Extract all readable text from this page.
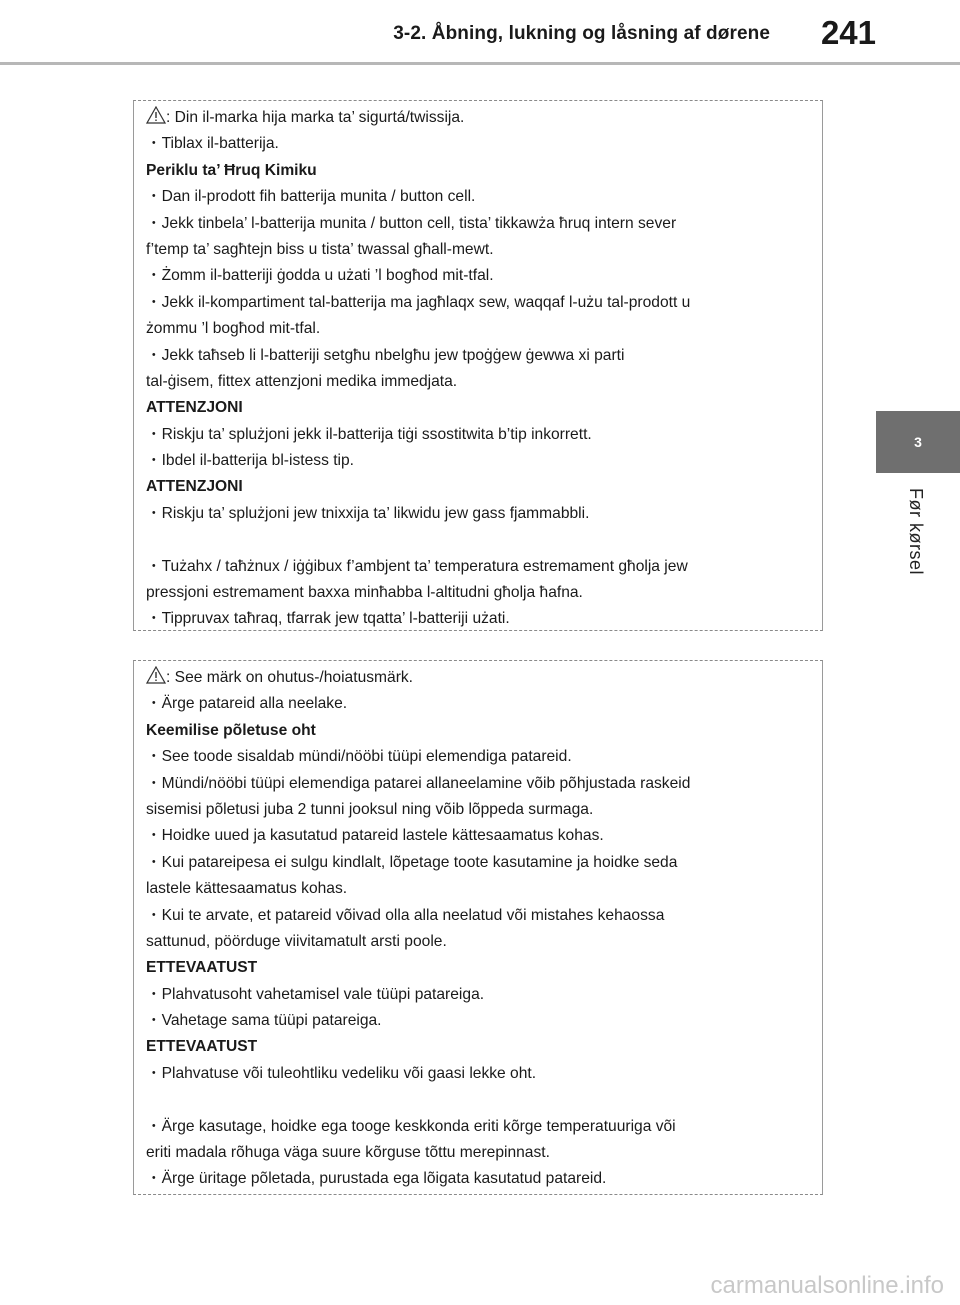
3-2. Åbning, lukning og låsning af dørene 241
3
Før kørsel
: Din il-marka hija marka ta’ sigurtá/twissija.
・Tiblax il-batterija.
Periklu ta’ Ħruq Kimiku
・Dan il-prodott fih batterija munita / button cell.
・Jekk tinbela’ l-batterija munita / button cell, tista’ tikkawża ħruq intern sever
f’temp ta’ sagħtejn biss u tista’ twassal għall-mewt.
・Żomm il-batteriji ġodda u użati ’l bogħod mit-tfal.
・Jekk il-kompartiment tal-batterija ma jagħlaqx sew, waqqaf l-użu tal-prodott u
żommu ’l bogħod mit-tfal.
・Jekk taħseb li l-batteriji setgħu nbelgħu jew tpoġġew ġewwa xi parti
tal-ġisem, fittex attenzjoni medika immedjata.
ATTENZJONI
・Riskju ta’ splużjoni jekk il-batterija tiġi ssostitwita b’tip inkorrett.
・Ibdel il-batterija bl-istess tip.
ATTENZJONI
・Riskju ta’ splużjoni jew tnixxija ta’ likwidu jew gass fjammabbli.
・Tużahx / taħżnux / iġġibux f’ambjent ta’ temperatura estremament għolja jew
pressjoni estremament baxxa minħabba l-altitudni għolja ħafna.
・Tippruvax taħraq, tfarrak jew tqatta’ l-batteriji użati.
: See märk on ohutus-/hoiatusmärk.
・Ärge patareid alla neelake.
Keemilise põletuse oht
・See toode sisaldab mündi/nööbi tüüpi elemendiga patareid.
・Mündi/nööbi tüüpi elemendiga patarei allaneelamine võib põhjustada raskeid
sisemisi põletusi juba 2 tunni jooksul ning võib lõppeda surmaga.
・Hoidke uued ja kasutatud patareid lastele kättesaamatus kohas.
・Kui patareipesa ei sulgu kindlalt, lõpetage toote kasutamine ja hoidke seda
lastele kättesaamatus kohas.
・Kui te arvate, et patareid võivad olla alla neelatud või mistahes kehaossa
sattunud, pöörduge viivitamatult arsti poole.
ETTEVAATUST
・Plahvatusoht vahetamisel vale tüüpi patareiga.
・Vahetage sama tüüpi patareiga.
ETTEVAATUST
・Plahvatuse või tuleohtliku vedeliku või gaasi lekke oht.
・Ärge kasutage, hoidke ega tooge keskkonda eriti kõrge temperatuuriga või
eriti madala rõhuga väga suure kõrguse tõttu merepinnast.
・Ärge üritage põletada, purustada ega lõigata kasutatud patareid.
carmanualsonline.info
